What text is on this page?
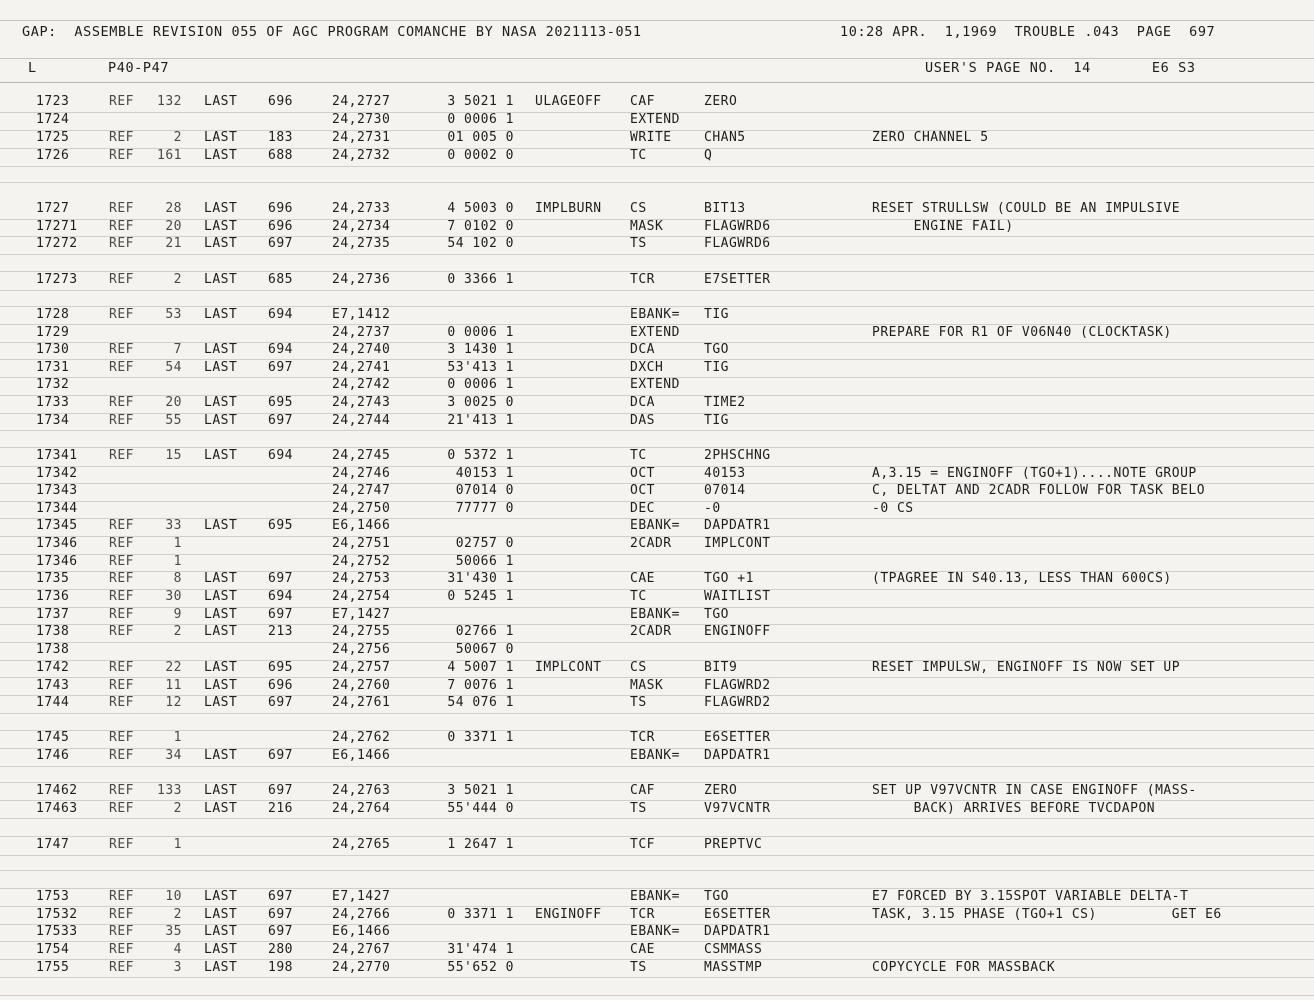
GAP:  ASSEMBLE REVISION 055 OF AGC PROGRAM COMANCHE BY NASA 2021113-051	10:28 APR.  1,1969  TROUBLE .043  PAGE  697
L	P40-P47	USER'S PAGE NO.  14       E6 S3
1723	REF	132 LAST	696	24,2727	3 5021 1 ULAGEOFF	CAF	ZERO
1724	24,2730	0 0006 1	EXTEND
1725	REF	2 LAST	183	24,2731	01 005 0	WRITE	CHAN5	ZERO CHANNEL 5
1726	REF	161 LAST	688	24,2732	0 0002 0	TC	Q
1727	REF	28 LAST	696	24,2733	4 5003 0 IMPLBURN	CS	BIT13	RESET STRULLSW (COULD BE AN IMPULSIVE
17271	REF	20 LAST	696	24,2734	7 0102 0	MASK	FLAGWRD6	ENGINE FAIL)
17272	REF	21 LAST	697	24,2735	54 102 0	TS	FLAGWRD6
17273	REF	2 LAST	685	24,2736	0 3366 1	TCR	E7SETTER
1728	REF	53 LAST	694	E7,1412	EBANK=	TIG
1729	24,2737	0 0006 1	EXTEND	PREPARE FOR R1 OF V06N40 (CLOCKTASK)
1730	REF	7 LAST	694	24,2740	3 1430 1	DCA	TGO
1731	REF	54 LAST	697	24,2741	53'413 1	DXCH	TIG
1732	24,2742	0 0006 1	EXTEND
1733	REF	20 LAST	695	24,2743	3 0025 0	DCA	TIME2
1734	REF	55 LAST	697	24,2744	21'413 1	DAS	TIG
17341	REF	15 LAST	694	24,2745	0 5372 1	TC	2PHSCHNG
17342	24,2746	40153 1	OCT	40153	A,3.15 = ENGINOFF (TGO+1)....NOTE GROUP
17343	24,2747	07014 0	OCT	07014	C, DELTAT AND 2CADR FOLLOW FOR TASK BELO
17344	24,2750	77777 0	DEC	-0	-0 CS
17345	REF	33 LAST	695	E6,1466	EBANK=	DAPDATR1
17346	REF	1	24,2751	02757 0	2CADR	IMPLCONT
17346	REF	1	24,2752	50066 1
1735	REF	8 LAST	697	24,2753	31'430 1	CAE	TGO +1	(TPAGREE IN S40.13, LESS THAN 600CS)
1736	REF	30 LAST	694	24,2754	0 5245 1	TC	WAITLIST
1737	REF	9 LAST	697	E7,1427	EBANK=	TGO
1738	REF	2 LAST	213	24,2755	02766 1	2CADR	ENGINOFF
1738	24,2756	50067 0
1742	REF	22 LAST	695	24,2757	4 5007 1 IMPLCONT	CS	BIT9	RESET IMPULSW, ENGINOFF IS NOW SET UP
1743	REF	11 LAST	696	24,2760	7 0076 1	MASK	FLAGWRD2
1744	REF	12 LAST	697	24,2761	54 076 1	TS	FLAGWRD2
1745	REF	1	24,2762	0 3371 1	TCR	E6SETTER
1746	REF	34 LAST	697	E6,1466	EBANK=	DAPDATR1
17462	REF	133 LAST	697	24,2763	3 5021 1	CAF	ZERO	SET UP V97VCNTR IN CASE ENGINOFF (MASS-
17463	REF	2 LAST	216	24,2764	55'444 0	TS	V97VCNTR	BACK) ARRIVES BEFORE TVCDAPON
1747	REF	1	24,2765	1 2647 1	TCF	PREPTVC
1753	REF	10 LAST	697	E7,1427	EBANK=	TGO	E7 FORCED BY 3.15SPOT VARIABLE DELTA-T
17532	REF	2 LAST	697	24,2766	0 3371 1 ENGINOFF	TCR	E6SETTER	TASK, 3.15 PHASE (TGO+1 CS)         GET E6
17533	REF	35 LAST	697	E6,1466	EBANK=	DAPDATR1
1754	REF	4 LAST	280	24,2767	31'474 1	CAE	CSMMASS
1755	REF	3 LAST	198	24,2770	55'652 0	TS	MASSTMP	COPYCYCLE FOR MASSBACK
